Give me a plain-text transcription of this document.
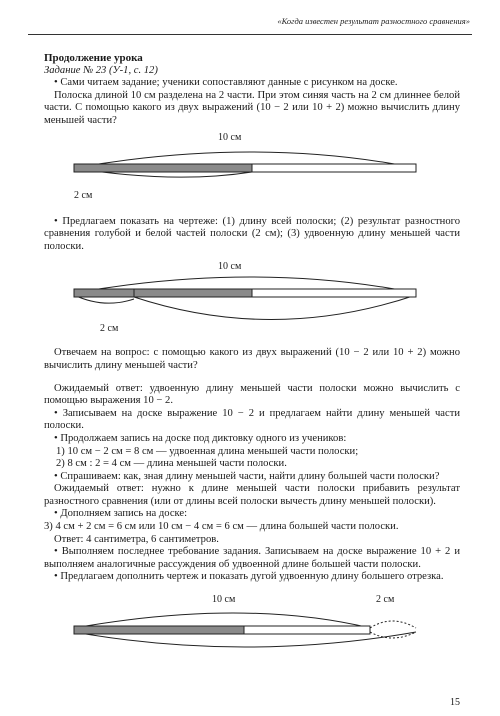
«Когда известен результат разностного сравнения»

Продолжение урока

Задание № 23 (У-1, с. 12)

• Сами читаем задание; ученики сопоставляют данные с рисунком на доске.

Полоска длиной 10 см разделена на 2 части. При этом синяя часть на 2 см длиннее белой части. С помощью какого из двух выражений (10 − 2 или 10 + 2) можно вычислить длину меньшей части?

10 см
2 см

• Предлагаем показать на чертеже: (1) длину всей полоски; (2) результат разностного сравнения голубой и белой частей полоски (2 см); (3) удвоенную длину меньшей части полоски.

10 см
2 см

Отвечаем на вопрос: с помощью какого из двух выражений (10 − 2 или 10 + 2) можно вычислить длину меньшей части?

Ожидаемый ответ: удвоенную длину меньшей части полоски можно вычислить с помощью выражения 10 − 2.

• Записываем на доске выражение 10 − 2 и предлагаем найти длину меньшей части полоски.

• Продолжаем запись на доске под диктовку одного из учеников:

1) 10 см − 2 см = 8 см — удвоенная длина меньшей части полоски;

2) 8 см : 2 = 4 см — длина меньшей части полоски.

• Спрашиваем: как, зная длину меньшей части, найти длину большей части полоски?

Ожидаемый ответ: нужно к длине меньшей части полоски прибавить результат разностного сравнения (или от длины всей полоски вычесть длину меньшей полоски).

• Дополняем запись на доске:

3) 4 см + 2 см = 6 см или 10 см − 4 см = 6 см — длина большей части полоски.

Ответ: 4 сантиметра, 6 сантиметров.

• Выполняем последнее требование задания. Записываем на доске выражение 10 + 2 и выполняем аналогичные рассуждения об удвоенной длине большей части полоски.

• Предлагаем дополнить чертеж и показать дугой удвоенную длину большего отрезка.

10 см	2 см
15
